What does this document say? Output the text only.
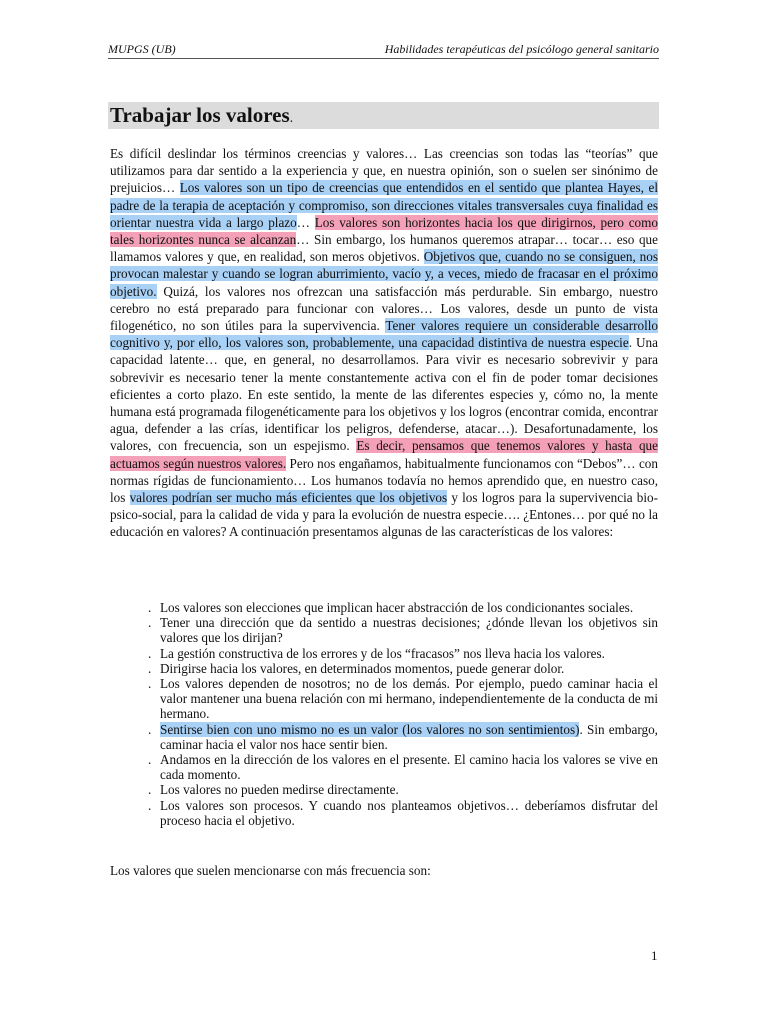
MUPGS (UB)	Habilidades terapéuticas del psicólogo general sanitario
Trabajar los valores.

Es difícil deslindar los términos creencias y valores… Las creencias son todas las “teorías” que utilizamos para dar sentido a la experiencia y que, en nuestra opinión, son o suelen ser sinónimo de prejuicios… Los valores son un tipo de creencias que entendidos en el sentido que plantea Hayes, el padre de la terapia de aceptación y compromiso, son direcciones vitales transversales cuya finalidad es orientar nuestra vida a largo plazo… Los valores son horizontes hacia los que dirigirnos, pero como tales horizontes nunca se alcanzan… Sin embargo, los humanos queremos atrapar… tocar… eso que llamamos valores y que, en realidad, son meros objetivos. Objetivos que, cuando no se consiguen, nos provocan malestar y cuando se logran aburrimiento, vacío y, a veces, miedo de fracasar en el próximo objetivo. Quizá, los valores nos ofrezcan una satisfacción más perdurable. Sin embargo, nuestro cerebro no está preparado para funcionar con valores… Los valores, desde un punto de vista filogenético, no son útiles para la supervivencia. Tener valores requiere un considerable desarrollo cognitivo y, por ello, los valores son, probablemente, una capacidad distintiva de nuestra especie. Una capacidad latente… que, en general, no desarrollamos. Para vivir es necesario sobrevivir y para sobrevivir es necesario tener la mente constantemente activa con el fin de poder tomar decisiones eficientes a corto plazo. En este sentido, la mente de las diferentes especies y, cómo no, la mente humana está programada filogenéticamente para los objetivos y los logros (encontrar comida, encontrar agua, defender a las crías, identificar los peligros, defenderse, atacar…). Desafortunadamente, los valores, con frecuencia, son un espejismo. Es decir, pensamos que tenemos valores y hasta que actuamos según nuestros valores. Pero nos engañamos, habitualmente funcionamos con “Debos”… con normas rígidas de funcionamiento… Los humanos todavía no hemos aprendido que, en nuestro caso, los valores podrían ser mucho más eficientes que los objetivos y los logros para la supervivencia bio-psico-social, para la calidad de vida y para la evolución de nuestra especie…. ¿Entones… por qué no la educación en valores? A continuación presentamos algunas de las características de los valores:

. Los valores son elecciones que implican hacer abstracción de los condicionantes sociales.
. Tener una dirección que da sentido a nuestras decisiones; ¿dónde llevan los objetivos sin valores que los dirijan?
. La gestión constructiva de los errores y de los “fracasos” nos lleva hacia los valores.
. Dirigirse hacia los valores, en determinados momentos, puede generar dolor.
. Los valores dependen de nosotros; no de los demás. Por ejemplo, puedo caminar hacia el valor mantener una buena relación con mi hermano, independientemente de la conducta de mi hermano.
. Sentirse bien con uno mismo no es un valor (los valores no son sentimientos). Sin embargo, caminar hacia el valor nos hace sentir bien.
. Andamos en la dirección de los valores en el presente. El camino hacia los valores se vive en cada momento.
. Los valores no pueden medirse directamente.
. Los valores son procesos. Y cuando nos planteamos objetivos… deberíamos disfrutar del proceso hacia el objetivo.

Los valores que suelen mencionarse con más frecuencia son:

1
